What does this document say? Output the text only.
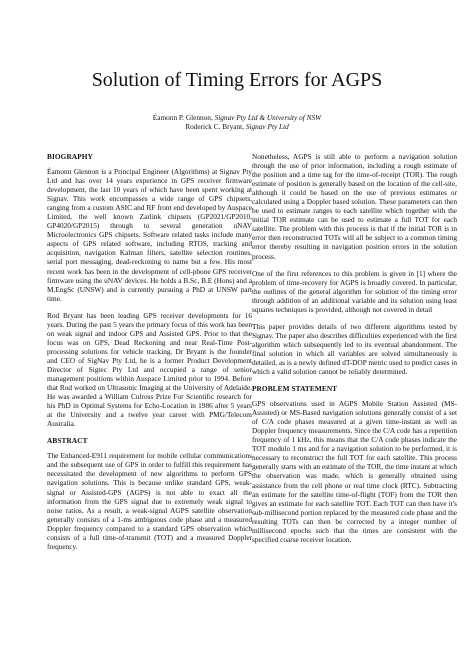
Solution of Timing Errors for AGPS
Éamonn P. Glennon, Signav Pty Ltd & University of NSW
Roderick C. Bryant, Signav Pty Ltd
BIOGRAPHY

Éamonn Glennon is a Principal Engineer (Algorithms) at Signav Pty Ltd and has over 14 years experience in GPS receiver firmware development, the last 10 years of which have been spent working at Signav. This work encompasses a wide range of GPS chipsets, ranging from a custom ASIC and RF front end developed by Auspace Limited, the well known Zarlink chipsets (GP2021/GP2010, GP4020/GP2015) through to several generation uNAV Microelectronics GPS chipsets. Software related tasks include many aspects of GPS related software, including RTOS, tracking and acquisition, navigation Kalman filters, satellite selection routines, serial port messaging, dead-reckoning to name but a few. His most recent work has been in the development of cell-phone GPS receiver firmware using the uNAV devices. He holds a B.Sc, B.E (Hons) and a M.EngSc (UNSW) and is currently pursuing a PhD at UNSW part time.

Rod Bryant has been leading GPS receiver developments for 16 years. During the past 5 years the primary focus of this work has been on weak signal and indoor GPS and Assisted GPS. Prior to that the focus was on GPS, Dead Reckoning and near Real-Time Post-processing solutions for vehicle tracking. Dr Bryant is the founder and CEO of SigNav Pty Ltd, he is a former Product Development Director of Sigtec Pty Ltd and occupied a range of senior management positions within Auspace Limited prior to 1994. Before that Rod worked on Ultrasonic Imaging at the University of Adelaide. He was awarded a William Culross Prize For Scientific research for his PhD in Optimal Systems for Echo-Location in 1986 after 5 years at the University and a twelve year career with PMG/Telecom Australia.

ABSTRACT

The Enhanced-E911 requirement for mobile cellular communications and the subsequent use of GPS in order to fulfill this requirement has necessitated the development of new algorithms to perform GPS navigation solutions. This is because unlike standard GPS, weak-signal or Assisted-GPS (AGPS) is not able to exact all the information from the GPS signal due to extremely weak signal to noise ratios. As a result, a weak-signal AGPS satellite observation generally consists of a 1-ms ambiguous code phase and a measured Doppler frequency compared to a standard GPS observation which consists of a full time-of-transmit (TOT) and a measured Doppler frequency.

Nonetheless, AGPS is still able to perform a navigation solution through the use of prior information, including a rough estimate of the position and a time tag for the time-of-receipt (TOR). The rough estimate of position is generally based on the location of the cell-site, although it could be based on the use of previous estimates or calculated using a Doppler based solution. These parameters can then be used to estimate ranges to each satellite which together with the initial TOR estimate can be used to estimate a full TOT for each satellite. The problem with this process is that if the initial TOR is in error then reconstructed TOTs will all be subject to a common timing error thereby resulting in navigation position errors in the solution process.

One of the first references to this problem is given in [1] where the problem of time-recovery for AGPS is broadly covered. In particular, the outlines of the general algorithm for solution of the timing error through addition of an additional variable and its solution using least squares techniques is provided, although not covered in detail

This paper provides details of two different algorithms tested by Signav. The paper also describes difficulties experienced with the first algorithm which subsequently led to its eventual abandonment. The final solution in which all variables are solved simultaneously is detailed, as is a newly defined dT-DOP metric used to predict cases in which a valid solution cannot be reliably determined.

PROBLEM STATEMENT

GPS observations used in AGPS Mobile Station Assisted (MS-Assisted) or MS-Based navigation solutions generally consist of a set of C/A code phases measured at a given time-instant as well as Doppler frequency measurements. Since the C/A code has a repetition frequency of 1 kHz, this means that the C/A code phases indicate the TOT modulo 1 ms and for a navigation solution to be performed, it is necessary to reconstruct the full TOT for each satellite. This process generally starts with an estimate of the TOR, the time instant at which the observation was made, which is generally obtained using assistance from the cell phone or real time clock (RTC). Subtracting an estimate for the satellite time-of-flight (TOF) from the TOR then gives an estimate for each satellite TOT. Each TOT can then have it's sub-millisecond portion replaced by the measured code phase and the resulting TOTs can then be corrected by a integer number of millisecond epochs such that the times are consistent with the specified coarse receiver location.
